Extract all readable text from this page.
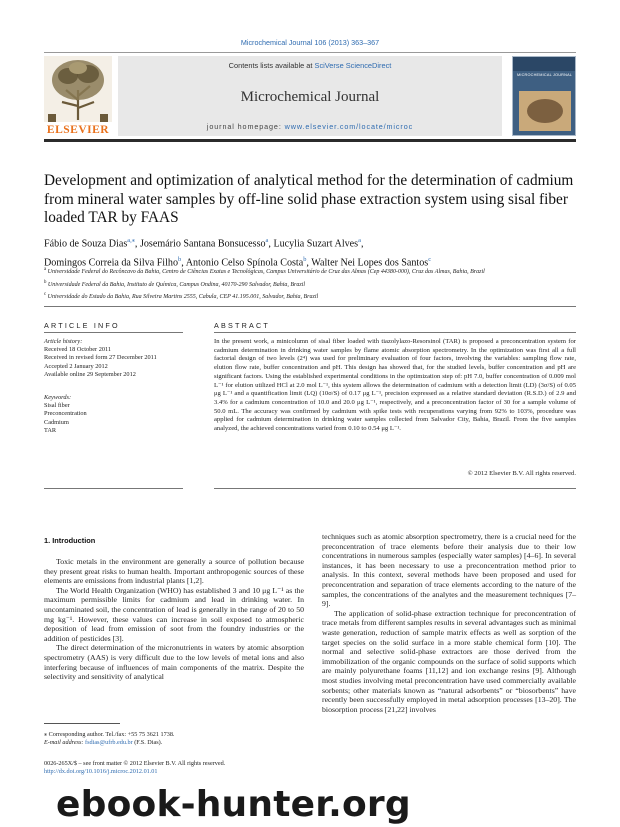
Microchemical Journal 106 (2013) 363–367
ELSEVIER
Contents lists available at SciVerse ScienceDirect
Microchemical Journal
journal homepage: www.elsevier.com/locate/microc
MICROCHEMICAL JOURNAL
Development and optimization of analytical method for the determination of cadmium from mineral water samples by off-line solid phase extraction system using sisal fiber loaded TAR by FAAS
Fábio de Souza Dias$^{a,⁎}$, Josemário Santana Bonsucesso$^a$, Lucylia Suzart Alves$^a$,
Domingos Correia da Silva Filho$^b$, Antonio Celso Spínola Costa$^b$, Walter Nei Lopes dos Santos$^c$
$^a$ Universidade Federal do Recôncavo da Bahia, Centro de Ciências Exatas e Tecnológicas, Campus Universitário de Cruz das Almas (Cep 44380-000), Cruz das Almas, Bahia, Brazil
$^b$ Universidade Federal da Bahia, Instituto de Química, Campus Ondina, 40170-290 Salvador, Bahia, Brazil
$^c$ Universidade do Estado da Bahia, Rua Silveira Martins 2555, Cabula, CEP 41.195.001, Salvador, Bahia, Brazil
ARTICLE INFO	ABSTRACT
Article history:
Received 18 October 2011
Received in revised form 27 December 2011
Accepted 2 January 2012
Available online 29 September 2012
Keywords:
Sisal fiber
Preconcentration
Cadmium
TAR
In the present work, a minicolumn of sisal fiber loaded with tiazolylazo-Resorsinol (TAR) is proposed a preconcentration system for cadmium determination in drinking water samples by flame atomic absorption spectrometry. In the optimization was first all a full factorial design of two levels (2⁴) was used for preliminary evaluation of four factors, involving the variables: sampling flow rate, elution flow rate, buffer concentration and pH. This design has showed that, for the studied levels, buffer concentration and pH are significant factors. Using the established experimental conditions in the optimization step of: pH 7.0, buffer concentration of 0.009 mol L⁻¹ for elution utilized HCl at 2.0 mol L⁻¹, this system allows the determination of cadmium with a detection limit (LD) (3σ/S) of 0.05 μg L⁻¹ and a quantification limit (LQ) (10σ/S) of 0.17 μg L⁻¹, precision expressed as a relative standard deviation (R.S.D.) of 2.9 and 3.4% for a cadmium concentration of 10.0 and 20.0 μg L⁻¹, respectively, and a preconcentration factor of 30 for a sample volume of 50.0 mL. The accuracy was confirmed by cadmium with spike tests with recuperations varying from 92% to 103%, procedure was applied for cadmium determination in drinking water samples collected from Salvador City, Bahia, Brazil. From the five samples analyzed, the achieved concentrations varied from 0.10 to 0.54 μg L⁻¹.
© 2012 Elsevier B.V. All rights reserved.
1. Introduction

Toxic metals in the environment are generally a source of pollution because they present great risks to human health. Important anthropogenic sources of these elements are emissions from industrial plants [1,2].

The World Health Organization (WHO) has established 3 and 10 μg L⁻¹ as the maximum permissible limits for cadmium and lead in drinking water. In uncontaminated soil, the concentration of lead is generally in the range of 20 to 50 mg kg⁻¹. However, these values can increase in soil exposed to atmospheric deposition of lead from emission of soot from the foundry industries or the addition of pesticides [3].

The direct determination of the micronutrients in waters by atomic absorption spectrometry (AAS) is very difficult due to the low levels of metal ions and also interfering because of influences of main components of the matrix. Despite the selectivity and sensitivity of analytical

techniques such as atomic absorption spectrometry, there is a crucial need for the preconcentration of trace elements before their analysis due to their low concentrations in numerous samples (especially water samples) [4–6]. In several instances, it has been necessary to use a preconcentration method prior to analysis. In this context, several methods have been proposed and used for preconcentration and separation of trace elements according to the nature of the samples, the concentrations of the analytes and the measurement techniques [7–9].

The application of solid-phase extraction technique for preconcentration of trace metals from different samples results in several advantages such as minimal waste generation, reduction of sample matrix effects as well as sorption of the target species on the solid surface in a more stable chemical form [10]. The normal and selective solid-phase extractors are those derived from the immobilization of the organic compounds on the surface of solid supports which are mainly polyurethane foams [11,12] and ion exchange resins [9]. Although most studies involving metal preconcentration have used commercially available sorbents; other materials known as “natural adsorbents” or “biosorbents” have recently been successfully employed in metal adsorption processes [13–20]. The biosorption process [21,22] involves

⁎ Corresponding author. Tel./fax: +55 75 3621 1738.
E-mail address: fsdias@ufrb.edu.br (F.S. Dias).
0026-265X/$ – see front matter © 2012 Elsevier B.V. All rights reserved.
http://dx.doi.org/10.1016/j.microc.2012.01.01
ebook-hunter.org
